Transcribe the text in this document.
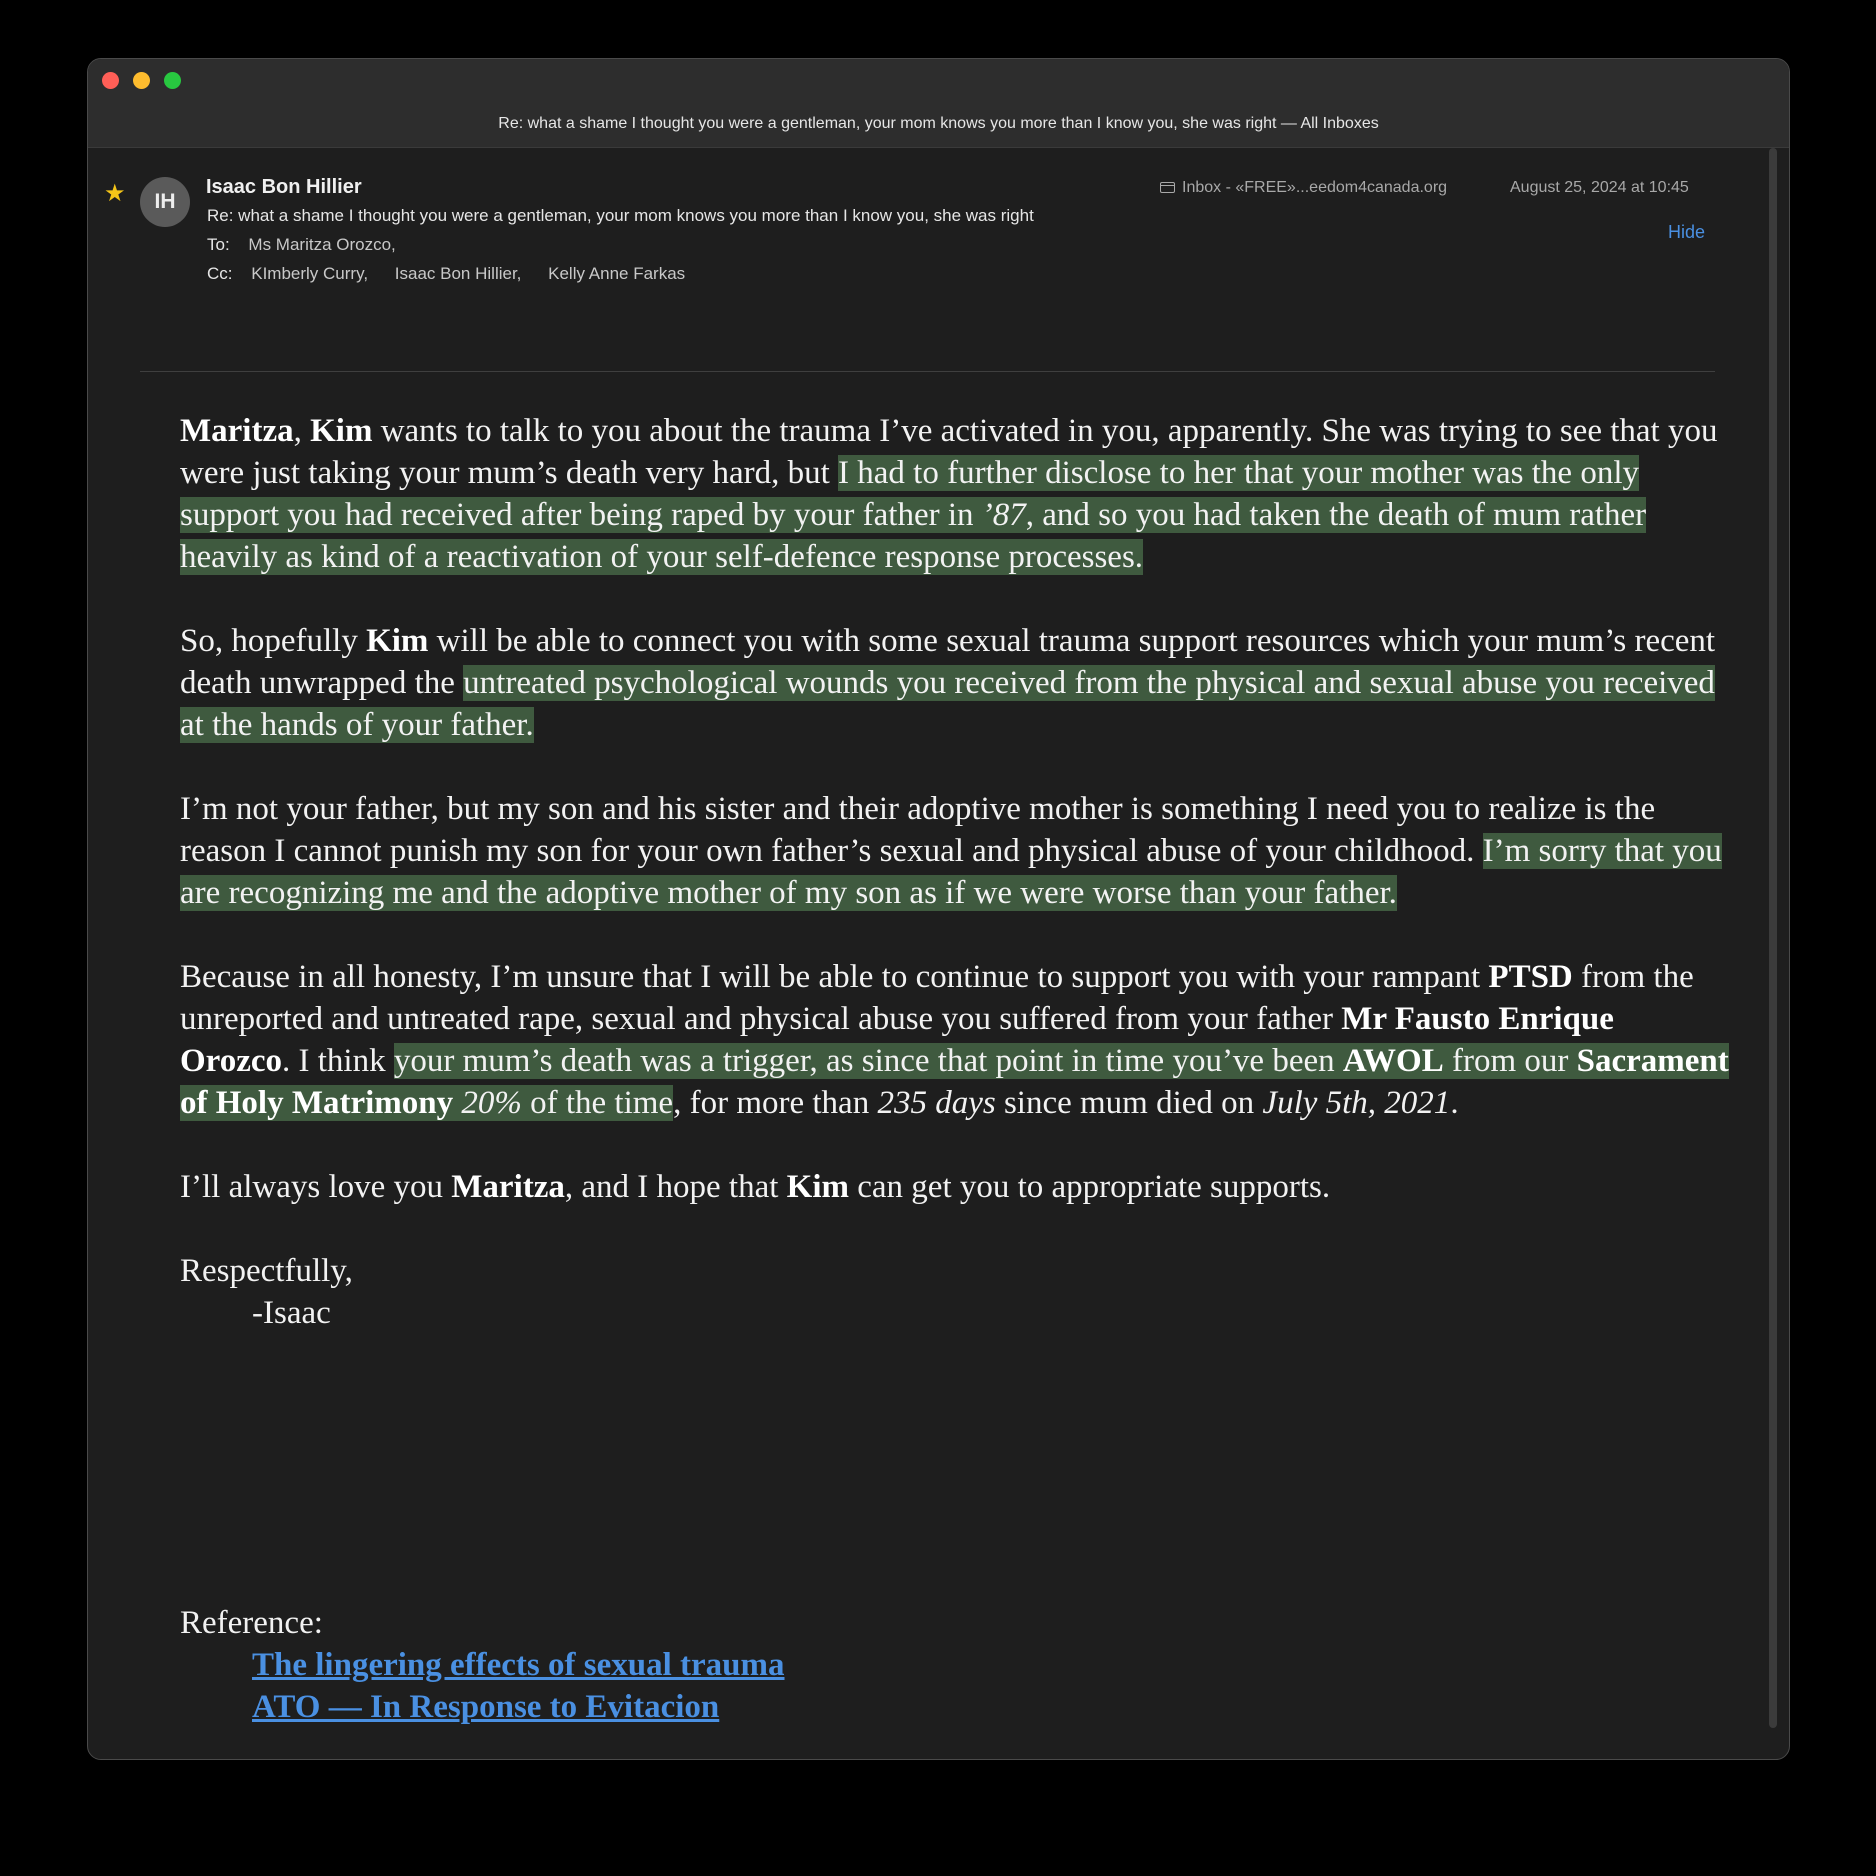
Re: what a shame I thought you were a gentleman, your mom knows you more than I know you, she was right — All Inboxes
★	IH
Isaac Bon Hillier
Re: what a shame I thought you were a gentleman, your mom knows you more than I know you, she was right
To: Ms Maritza Orozco,
Cc: KImberly Curry, Isaac Bon Hillier, Kelly Anne Farkas
Inbox - «FREE»...eedom4canada.org	August 25, 2024 at 10:45
Hide

Maritza, Kim wants to talk to you about the trauma I’ve activated in you, apparently. She was trying to see that you were just taking your mum’s death very hard, but I had to further disclose to her that your mother was the only support you had received after being raped by your father in ’87, and so you had taken the death of mum rather heavily as kind of a reactivation of your self-defence response processes.

So, hopefully Kim will be able to connect you with some sexual trauma support resources which your mum’s recent death unwrapped the untreated psychological wounds you received from the physical and sexual abuse you received at the hands of your father.

I’m not your father, but my son and his sister and their adoptive mother is something I need you to realize is the reason I cannot punish my son for your own father’s sexual and physical abuse of your childhood. I’m sorry that you are recognizing me and the adoptive mother of my son as if we were worse than your father.

Because in all honesty, I’m unsure that I will be able to continue to support you with your rampant PTSD from the unreported and untreated rape, sexual and physical abuse you suffered from your father Mr Fausto Enrique Orozco. I think your mum’s death was a trigger, as since that point in time you’ve been AWOL from our Sacrament of Holy Matrimony 20% of the time, for more than 235 days since mum died on July 5th, 2021.

I’ll always love you Maritza, and I hope that Kim can get you to appropriate supports.

Respectfully,
-Isaac
Reference:
The lingering effects of sexual trauma
ATO — In Response to Evitacion
